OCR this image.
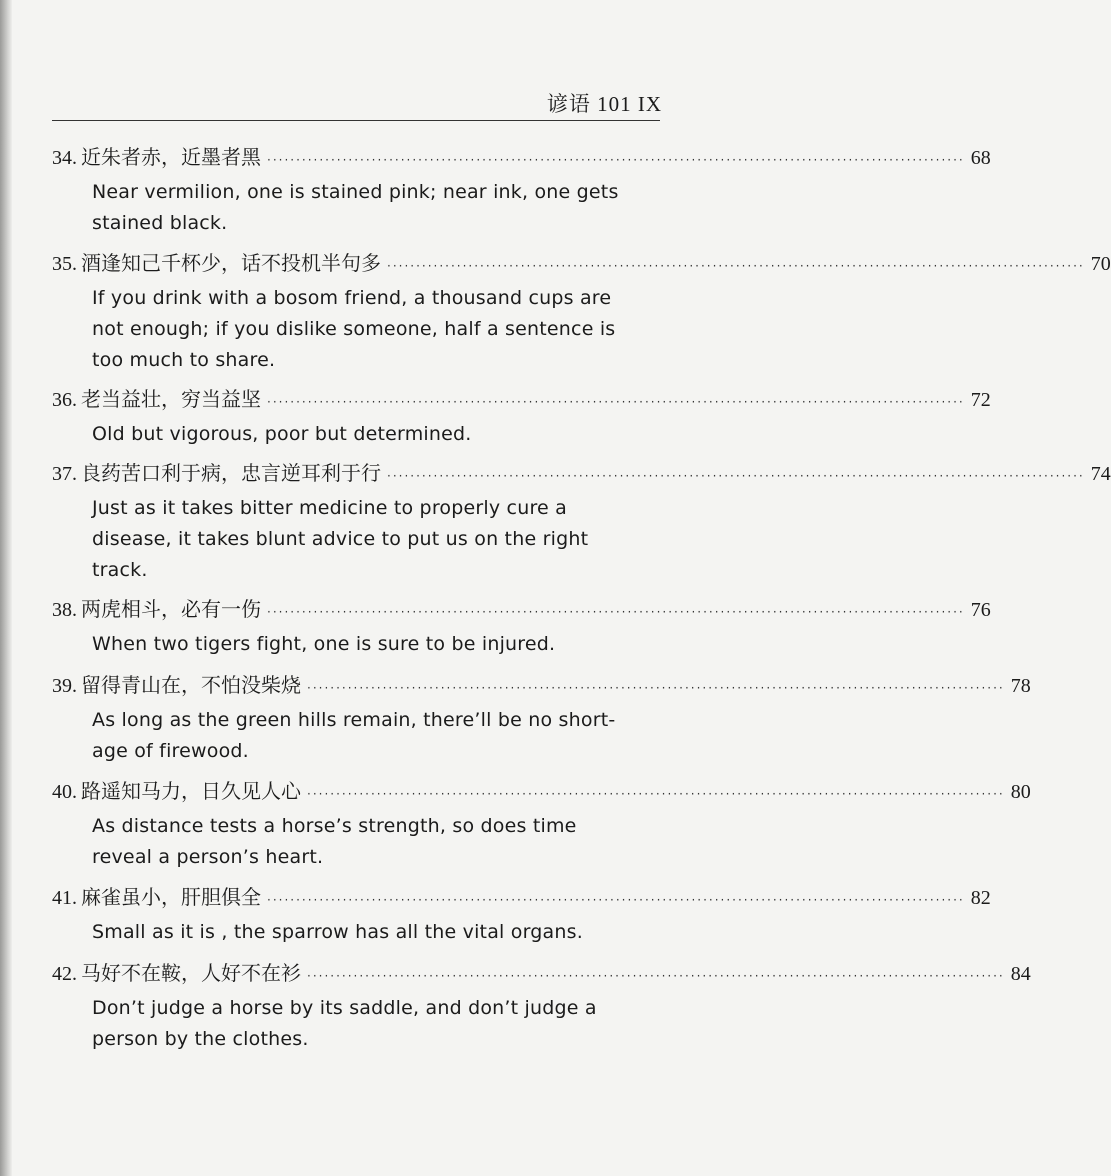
谚语 101 IX
34. 近朱者赤，近墨者黑 ························································································································ 68
Near vermilion, one is stained pink; near ink, one gets
stained black.
35. 酒逢知己千杯少，话不投机半句多 ························································································································ 70
If you drink with a bosom friend, a thousand cups are
not enough; if you dislike someone, half a sentence is
too much to share.
36. 老当益壮，穷当益坚 ························································································································ 72
Old but vigorous, poor but determined.
37. 良药苦口利于病，忠言逆耳利于行 ························································································································ 74
Just as it takes bitter medicine to properly cure a
disease, it takes blunt advice to put us on the right
track.
38. 两虎相斗，必有一伤 ························································································································ 76
When two tigers fight, one is sure to be injured.
39. 留得青山在，不怕没柴烧 ························································································································ 78
As long as the green hills remain, there’ll be no short-
age of firewood.
40. 路遥知马力，日久见人心 ························································································································ 80
As distance tests a horse’s strength, so does time
reveal a person’s heart.
41. 麻雀虽小，肝胆俱全 ························································································································ 82
Small as it is , the sparrow has all the vital organs.
42. 马好不在鞍，人好不在衫 ························································································································ 84
Don’t judge a horse by its saddle, and don’t judge a
person by the clothes.
